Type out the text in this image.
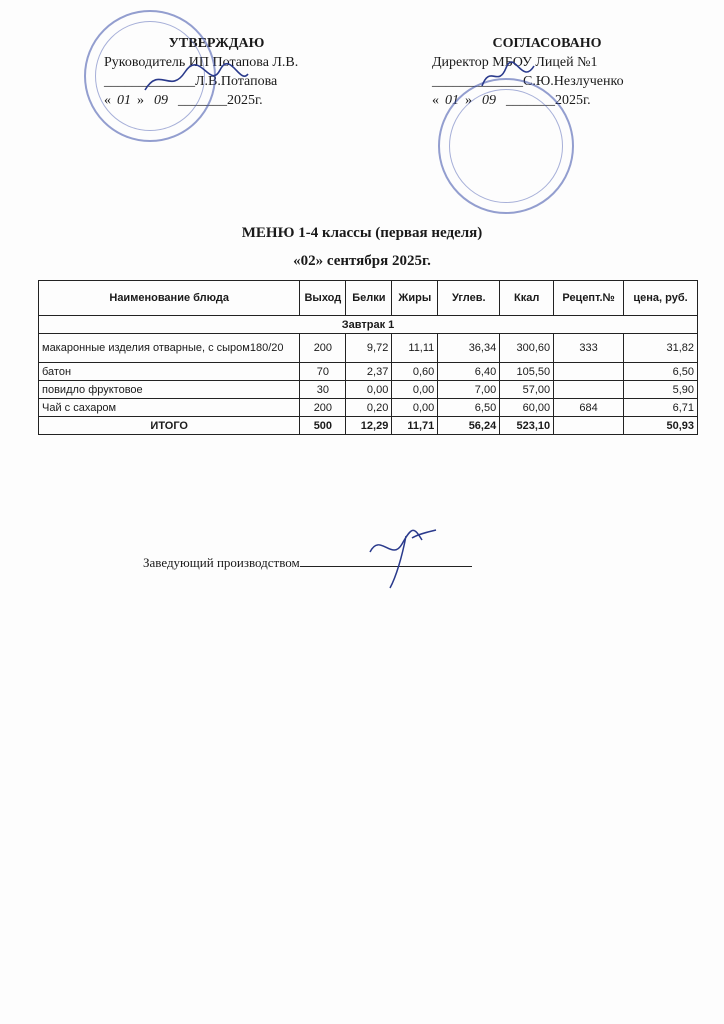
УТВЕРЖДАЮ
Руководитель ИП Потапова Л.В.
_____________Л.В.Потапова
« 01 » 09 _______2025г.
СОГЛАСОВАНО
Директор МБОУ Лицей №1
_____________С.Ю.Незлученко
« 01 » 09 _______2025г.
МЕНЮ 1-4 классы (первая неделя)
«02» сентября 2025г.
Наименование блюда	Выход	Белки	Жиры	Углев.	Ккал	Рецепт.№	цена, руб.
Завтрак 1							
макаронные изделия отварные, с сыром180/20	200	9,72	11,11	36,34	300,60	333	31,82
батон	70	2,37	0,60	6,40	105,50		6,50
повидло фруктовое	30	0,00	0,00	7,00	57,00		5,90
Чай с сахаром	200	0,20	0,00	6,50	60,00	684	6,71
ИТОГО	500	12,29	11,71	56,24	523,10		50,93
Заведующий производством
